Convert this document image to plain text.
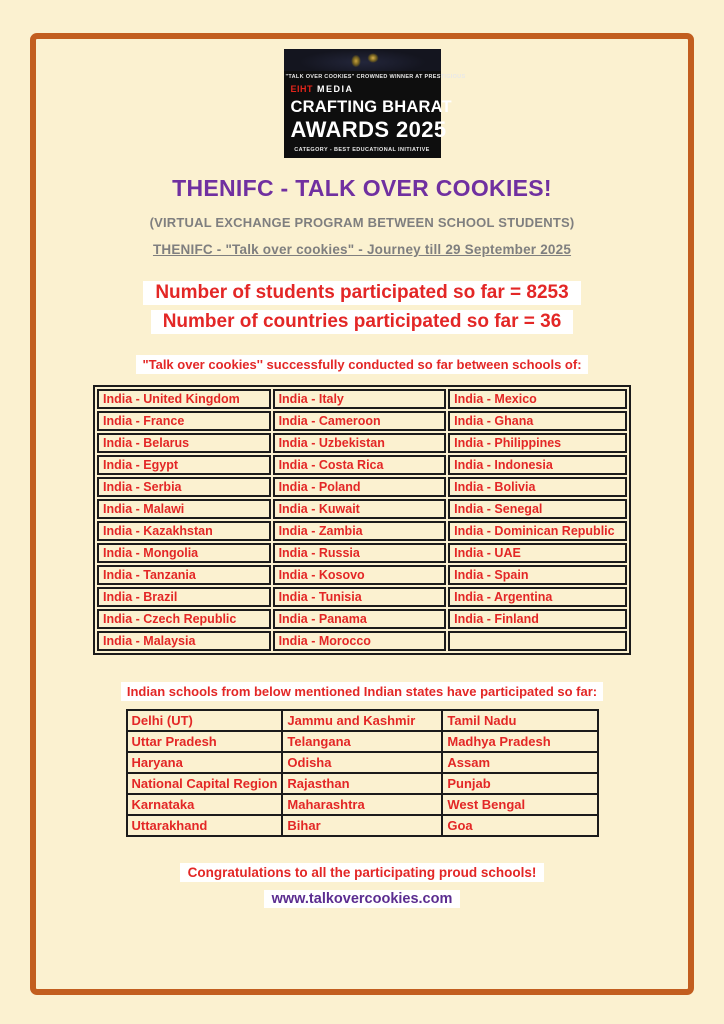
"TALK OVER COOKIES" CROWNED WINNER AT PRESTIGIOUS
EIHT MEDIA
CRAFTING BHARAT
AWARDS 2025
CATEGORY - BEST EDUCATIONAL INITIATIVE
THENIFC - TALK OVER COOKIES!
(VIRTUAL EXCHANGE PROGRAM BETWEEN SCHOOL STUDENTS)
THENIFC - "Talk over cookies" - Journey till 29 September 2025
Number of students participated so far = 8253
Number of countries participated so far = 36
"Talk over cookies'' successfully conducted so far between schools of:
India - United Kingdom	India - Italy	India - Mexico
India - France	India - Cameroon	India - Ghana
India - Belarus	India - Uzbekistan	India - Philippines
India - Egypt	India - Costa Rica	India - Indonesia
India - Serbia	India - Poland	India - Bolivia
India - Malawi	India - Kuwait	India - Senegal
India - Kazakhstan	India - Zambia	India - Dominican Republic
India - Mongolia	India - Russia	India - UAE
India - Tanzania	India - Kosovo	India - Spain
India - Brazil	India - Tunisia	India - Argentina
India - Czech Republic	India - Panama	India - Finland
India - Malaysia	India - Morocco	
Indian schools from below mentioned Indian states have participated so far:
Delhi (UT)	Jammu and Kashmir	Tamil Nadu
Uttar Pradesh	Telangana	Madhya Pradesh
Haryana	Odisha	Assam
National Capital Region	Rajasthan	Punjab
Karnataka	Maharashtra	West Bengal
Uttarakhand	Bihar	Goa
Congratulations to all the participating proud schools!
www.talkovercookies.com
